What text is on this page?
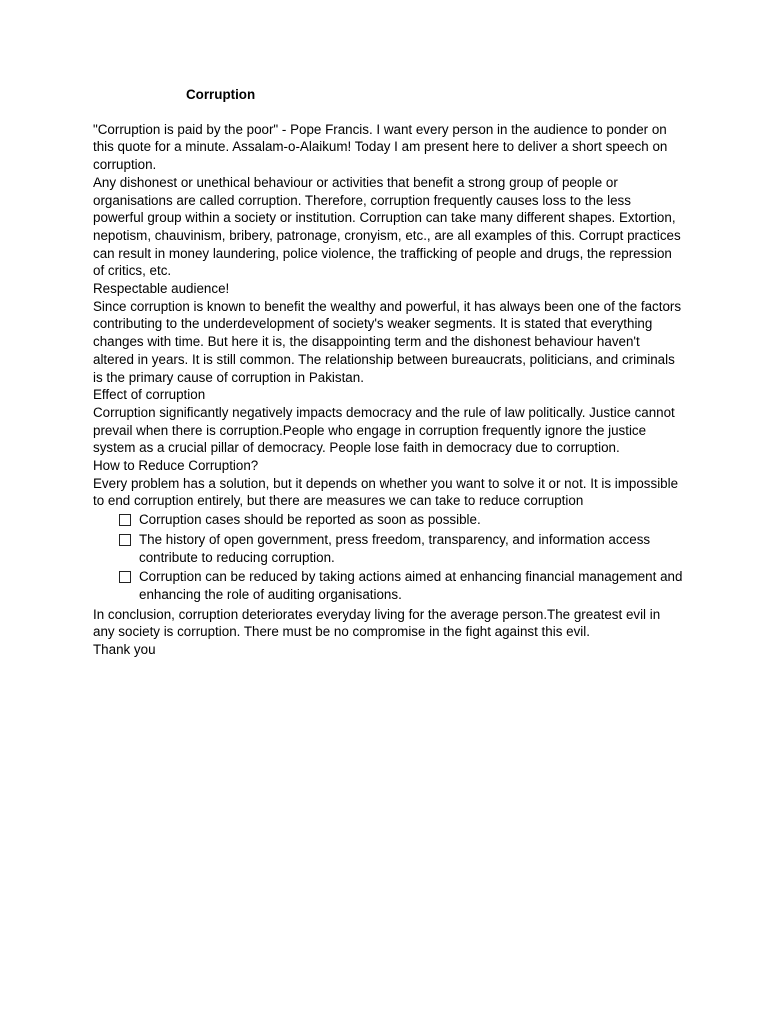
Corruption

"Corruption is paid by the poor" - Pope Francis. I want every person in the audience to ponder on this quote for a minute. Assalam-o-Alaikum! Today I am present here to deliver a short speech on corruption.

Any dishonest or unethical behaviour or activities that benefit a strong group of people or organisations are called corruption. Therefore, corruption frequently causes loss to the less powerful group within a society or institution. Corruption can take many different shapes. Extortion, nepotism, chauvinism, bribery, patronage, cronyism, etc., are all examples of this. Corrupt practices can result in money laundering, police violence, the trafficking of people and drugs, the repression of critics, etc.

Respectable audience!

Since corruption is known to benefit the wealthy and powerful, it has always been one of the factors contributing to the underdevelopment of society's weaker segments. It is stated that everything changes with time. But here it is, the disappointing term and the dishonest behaviour haven't altered in years. It is still common. The relationship between bureaucrats, politicians, and criminals is the primary cause of corruption in Pakistan.

Effect of corruption

Corruption significantly negatively impacts democracy and the rule of law politically. Justice cannot prevail when there is corruption.People who engage in corruption frequently ignore the justice system as a crucial pillar of democracy. People lose faith in democracy due to corruption.

How to Reduce Corruption?

Every problem has a solution, but it depends on whether you want to solve it or not. It is impossible to end corruption entirely, but there are measures we can take to reduce corruption

Corruption cases should be reported as soon as possible.
The history of open government, press freedom, transparency, and information access contribute to reducing corruption.
Corruption can be reduced by taking actions aimed at enhancing financial management and enhancing the role of auditing organisations.

In conclusion, corruption deteriorates everyday living for the average person.The greatest evil in any society is corruption. There must be no compromise in the fight against this evil.

Thank you
